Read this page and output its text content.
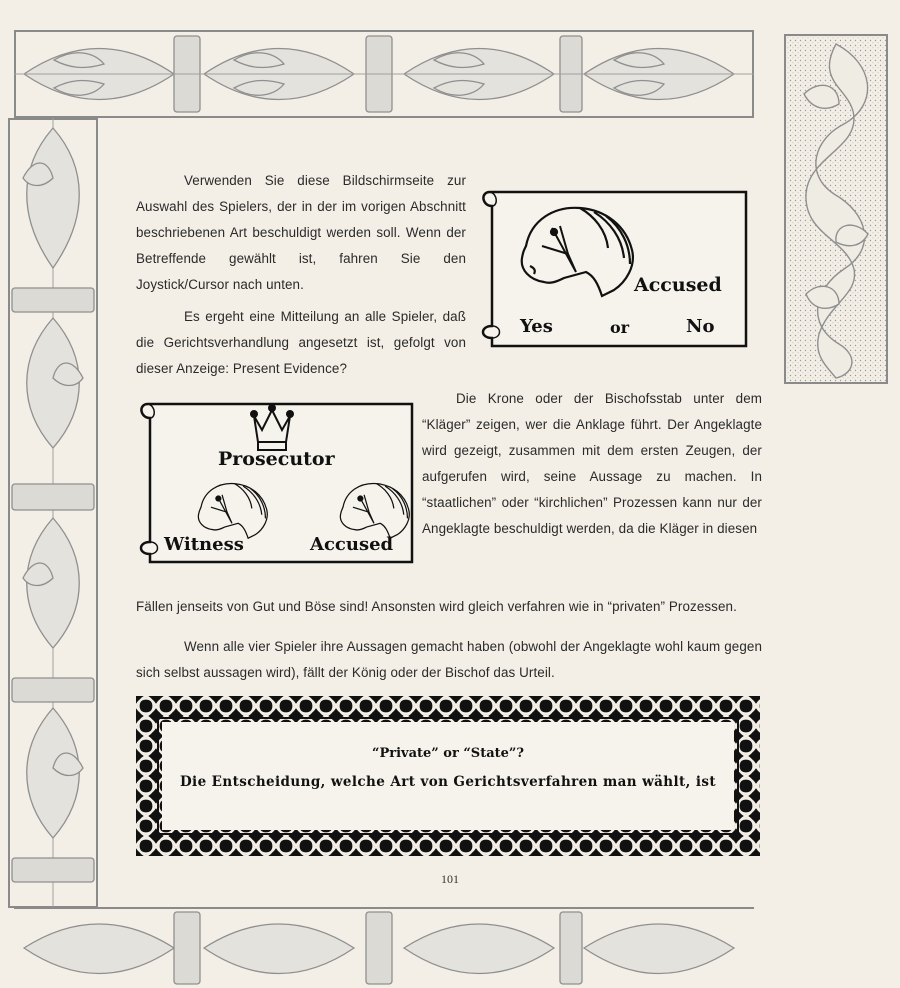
Verwenden Sie diese Bildschirmseite zur Auswahl des Spielers, der in der im vorigen Abschnitt beschriebenen Art beschuldigt werden soll. Wenn der Betreffende gewählt ist, fahren Sie den Joystick/Cursor nach unten.

Es ergeht eine Mitteilung an alle Spieler, daß die Gerichtsverhandlung angesetzt ist, gefolgt von dieser Anzeige: Present Evidence?

Die Krone oder der Bischofsstab unter dem “Kläger” zeigen, wer die Anklage führt. Der Angeklagte wird gezeigt, zusammen mit dem ersten Zeugen, der aufgerufen wird, seine Aussage zu machen. In “staatlichen” oder “kirchlichen” Prozessen kann nur der Angeklagte beschuldigt werden, da die Kläger in diesen

Fällen jenseits von Gut und Böse sind! Ansonsten wird gleich verfahren wie in “privaten” Prozessen.

Wenn alle vier Spieler ihre Aussagen gemacht haben (obwohl der Angeklagte wohl kaum gegen sich selbst aussagen wird), fällt der König oder der Bischof das Urteil.

Accused
Yes	or	No
Prosecutor
Witness	Accused
“Private” or “State”?
Die Entscheidung, welche Art von Gerichtsverfahren man wählt, ist
101
